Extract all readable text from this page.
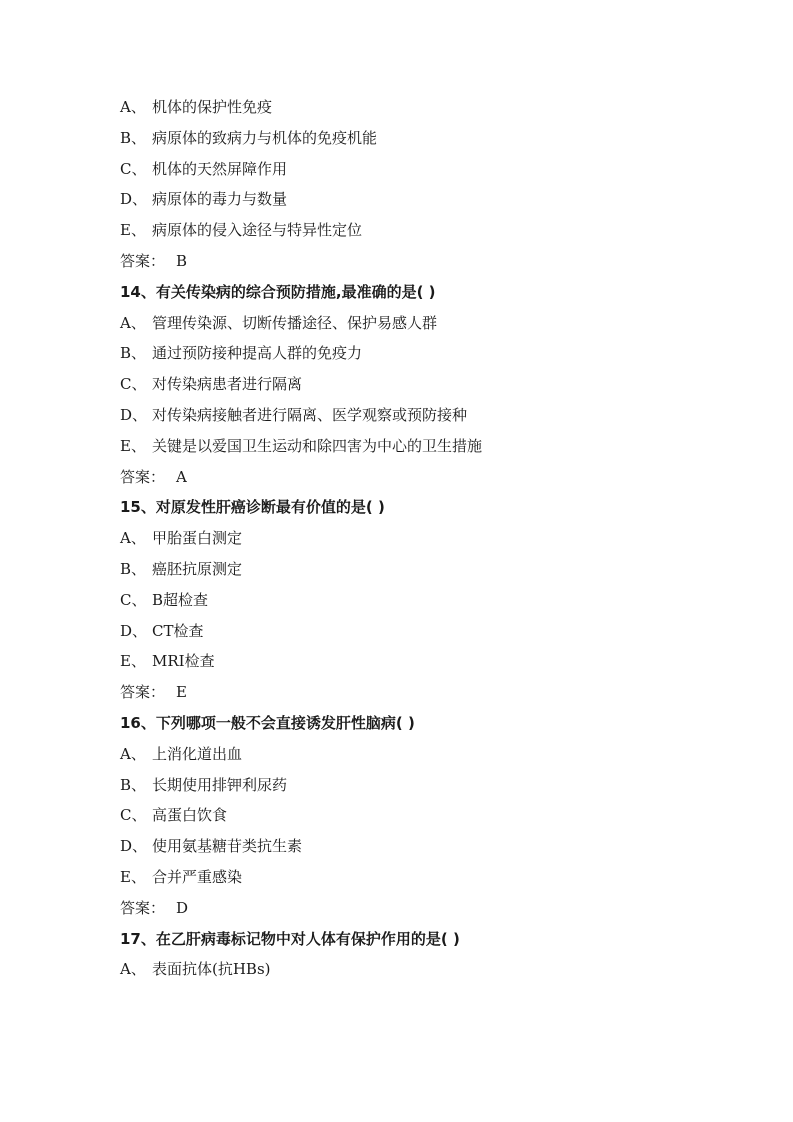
A、 机体的保护性免疫
B、 病原体的致病力与机体的免疫机能
C、 机体的天然屏障作用
D、 病原体的毒力与数量
E、 病原体的侵入途径与特异性定位
答案： B
14、有关传染病的综合预防措施,最准确的是( )
A、 管理传染源、切断传播途径、保护易感人群
B、 通过预防接种提高人群的免疫力
C、 对传染病患者进行隔离
D、 对传染病接触者进行隔离、医学观察或预防接种
E、 关键是以爱国卫生运动和除四害为中心的卫生措施
答案： A
15、对原发性肝癌诊断最有价值的是( )
A、 甲胎蛋白测定
B、 癌胚抗原测定
C、 B超检查
D、 CT检查
E、 MRI检查
答案： E
16、下列哪项一般不会直接诱发肝性脑病( )
A、 上消化道出血
B、 长期使用排钾利尿药
C、 高蛋白饮食
D、 使用氨基糖苷类抗生素
E、 合并严重感染
答案： D
17、在乙肝病毒标记物中对人体有保护作用的是( )
A、 表面抗体(抗HBs)
